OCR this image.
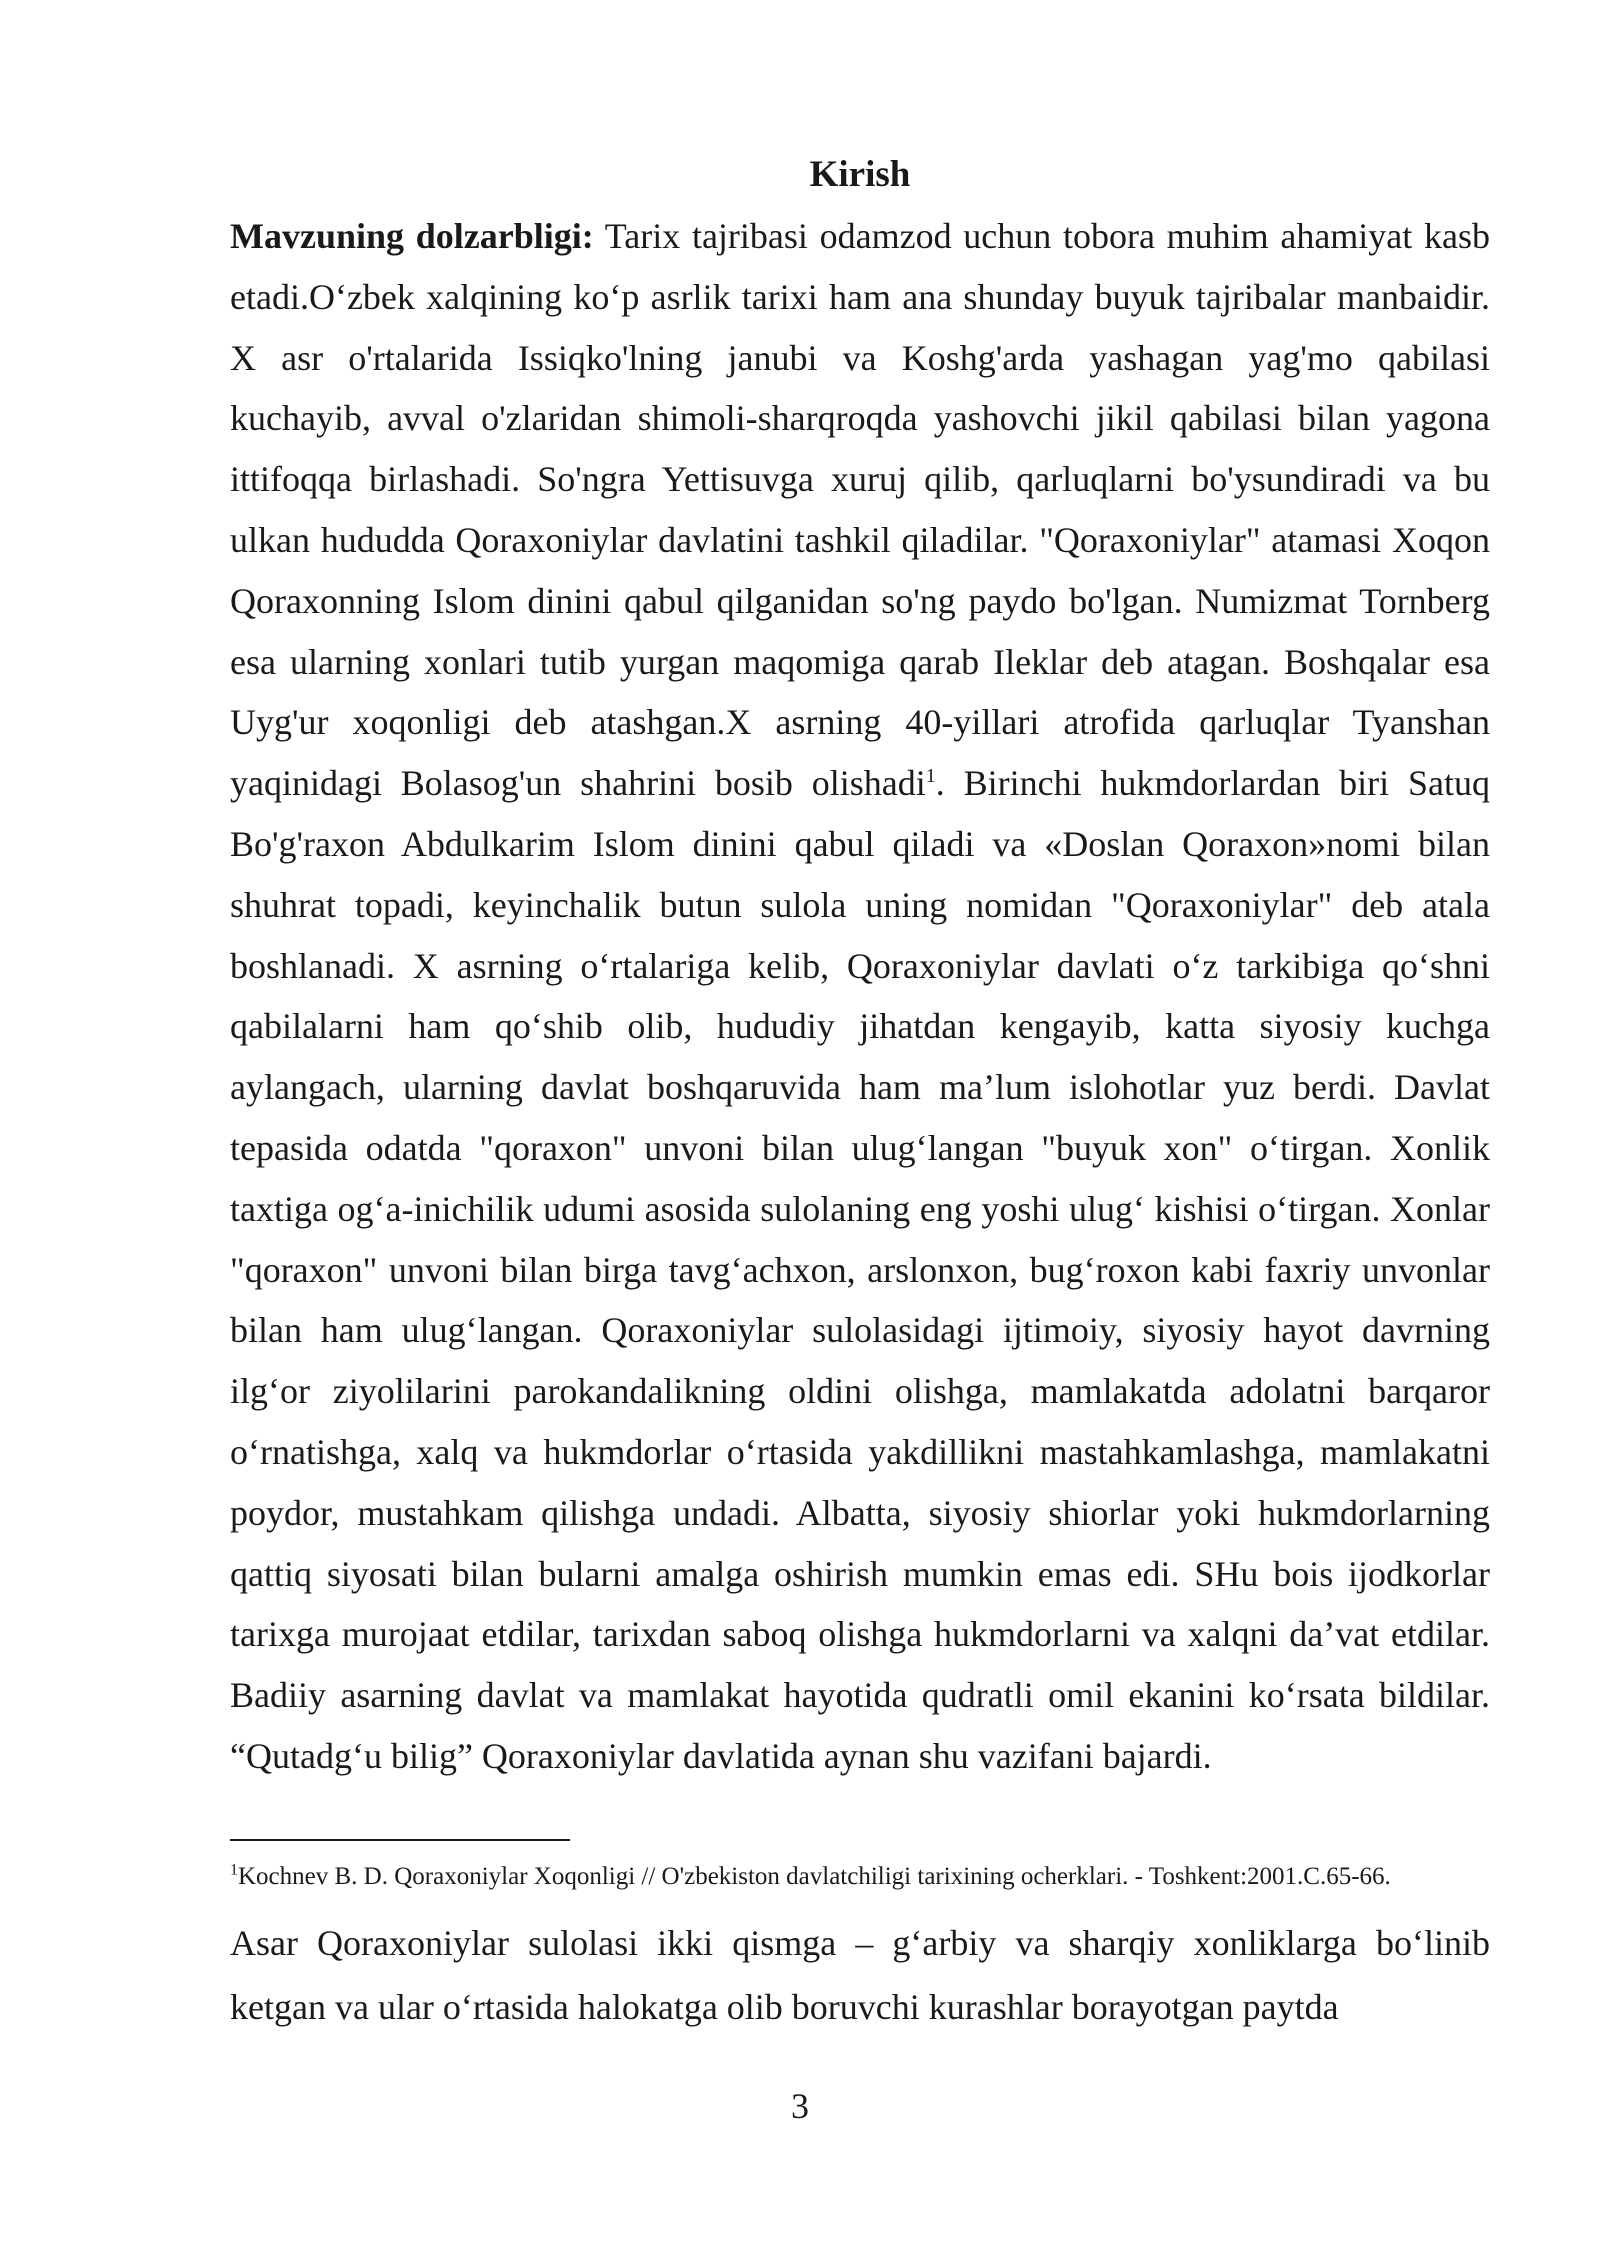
Kirish

Mavzuning dolzarbligi: Tarix tajribasi odamzod uchun tobora muhim ahamiyat kasb etadi.O‘zbek xalqining ko‘p asrlik tarixi ham ana shunday buyuk tajribalar manbaidir. X asr o'rtalarida Issiqko'lning janubi va Koshg'arda yashagan yag'mo qabilasi kuchayib, avval o'zlaridan shimoli-sharqroqda yashovchi jikil qabilasi bilan yagona ittifoqqa birlashadi. So'ngra Yettisuvga xuruj qilib, qarluqlarni bo'ysundiradi va bu ulkan hududda Qoraxoniylar davlatini tashkil qiladilar. "Qoraxoniylar" atamasi Xoqon Qoraxonning Islom dinini qabul qilganidan so'ng paydo bo'lgan. Numizmat Tornberg esa ularning xonlari tutib yurgan maqomiga qarab Ileklar deb atagan. Boshqalar esa Uyg'ur xoqonligi deb atashgan.X asrning 40-yillari atrofida qarluqlar Tyanshan yaqinidagi Bolasog'un shahrini bosib olishadi$^1$. Birinchi hukmdorlardan biri Satuq Bo'g'raxon Abdulkarim Islom dinini qabul qiladi va «Doslan Qoraxon»nomi bilan shuhrat topadi, keyinchalik butun sulola uning nomidan "Qoraxoniylar" deb atala boshlanadi. X asrning o‘rtalariga kelib, Qoraxoniylar davlati o‘z tarkibiga qo‘shni qabilalarni ham qo‘shib olib, hududiy jihatdan kengayib, katta siyosiy kuchga aylangach, ularning davlat boshqaruvida ham ma’lum islohotlar yuz berdi. Davlat tepasida odatda "qoraxon" unvoni bilan ulug‘langan "buyuk xon" o‘tirgan. Xonlik taxtiga og‘a-inichilik udumi asosida sulolaning eng yoshi ulug‘ kishisi o‘tirgan. Xonlar "qoraxon" unvoni bilan birga tavg‘achxon, arslonxon, bug‘roxon kabi faxriy unvonlar bilan ham ulug‘langan. Qoraxoniylar sulolasidagi ijtimoiy, siyosiy hayot davrning ilg‘or ziyolilarini parokandalikning oldini olishga, mamlakatda adolatni barqaror o‘rnatishga, xalq va hukmdorlar o‘rtasida yakdillikni mastahkamlashga, mamlakatni poydor, mustahkam qilishga undadi. Albatta, siyosiy shiorlar yoki hukmdorlarning qattiq siyosati bilan bularni amalga oshirish mumkin emas edi. SHu bois ijodkorlar tarixga murojaat etdilar, tarixdan saboq olishga hukmdorlarni va xalqni da’vat etdilar. Badiiy asarning davlat va mamlakat hayotida qudratli omil ekanini ko‘rsata bildilar. “Qutadg‘u bilig” Qoraxoniylar davlatida aynan shu vazifani bajardi.

$^1$Kochnev B. D. Qoraxoniylar Xoqonligi // O'zbekiston davlatchiligi tarixining ocherklari. - Toshkent:2001.C.65-66.

Asar Qoraxoniylar sulolasi ikki qismga – g‘arbiy va sharqiy xonliklarga bo‘linib ketgan va ular o‘rtasida halokatga olib boruvchi kurashlar borayotgan paytda

3
